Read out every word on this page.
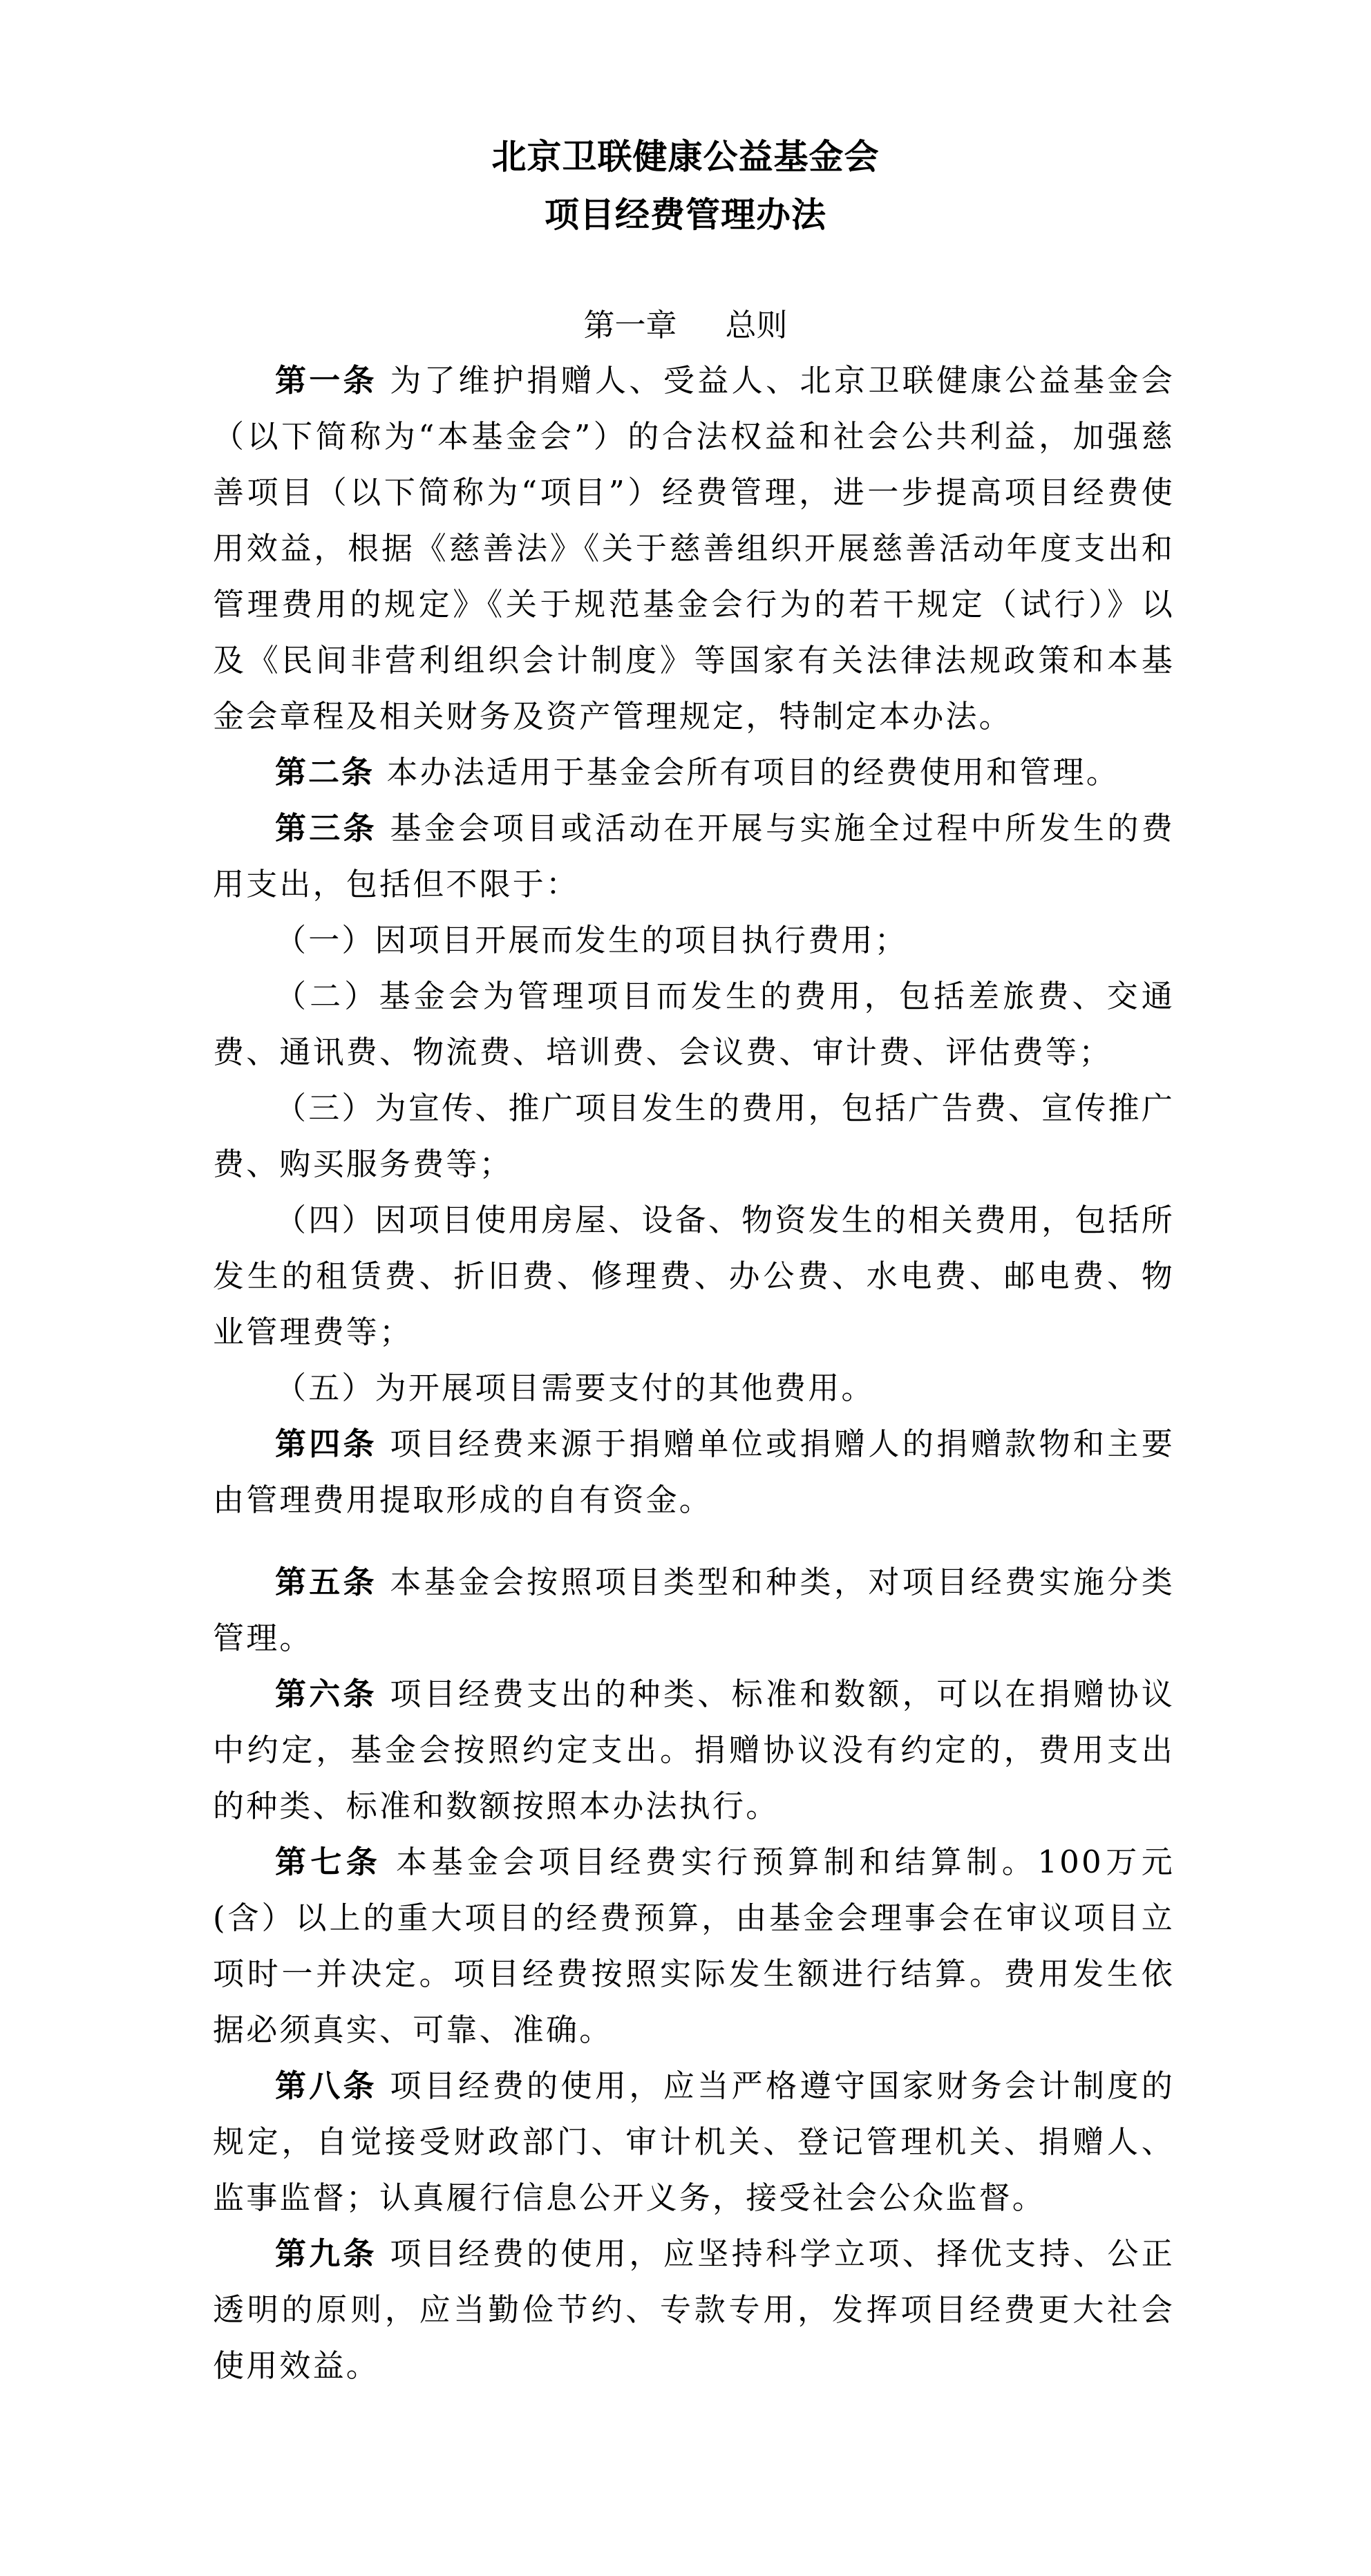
北京卫联健康公益基金会
项目经费管理办法
第一章 总则

第一条 为了维护捐赠人、受益人、北京卫联健康公益基金会（以下简称为“本基金会”）的合法权益和社会公共利益，加强慈善项目（以下简称为“项目”）经费管理，进一步提高项目经费使用效益，根据《慈善法》《关于慈善组织开展慈善活动年度支出和管理费用的规定》《关于规范基金会行为的若干规定（试行）》以及《民间非营利组织会计制度》等国家有关法律法规政策和本基金会章程及相关财务及资产管理规定，特制定本办法。

第二条 本办法适用于基金会所有项目的经费使用和管理。

第三条 基金会项目或活动在开展与实施全过程中所发生的费用支出，包括但不限于：

（一）因项目开展而发生的项目执行费用；

（二）基金会为管理项目而发生的费用，包括差旅费、交通费、通讯费、物流费、培训费、会议费、审计费、评估费等；

（三）为宣传、推广项目发生的费用，包括广告费、宣传推广费、购买服务费等；

（四）因项目使用房屋、设备、物资发生的相关费用，包括所发生的租赁费、折旧费、修理费、办公费、水电费、邮电费、物业管理费等；

（五）为开展项目需要支付的其他费用。

第四条 项目经费来源于捐赠单位或捐赠人的捐赠款物和主要由管理费用提取形成的自有资金。

第五条 本基金会按照项目类型和种类，对项目经费实施分类管理。

第六条 项目经费支出的种类、标准和数额，可以在捐赠协议中约定，基金会按照约定支出。捐赠协议没有约定的，费用支出的种类、标准和数额按照本办法执行。

第七条 本基金会项目经费实行预算制和结算制。100万元(含）以上的重大项目的经费预算，由基金会理事会在审议项目立项时一并决定。项目经费按照实际发生额进行结算。费用发生依据必须真实、可靠、准确。

第八条 项目经费的使用，应当严格遵守国家财务会计制度的规定，自觉接受财政部门、审计机关、登记管理机关、捐赠人、监事监督；认真履行信息公开义务，接受社会公众监督。

第九条 项目经费的使用，应坚持科学立项、择优支持、公正透明的原则，应当勤俭节约、专款专用，发挥项目经费更大社会使用效益。
